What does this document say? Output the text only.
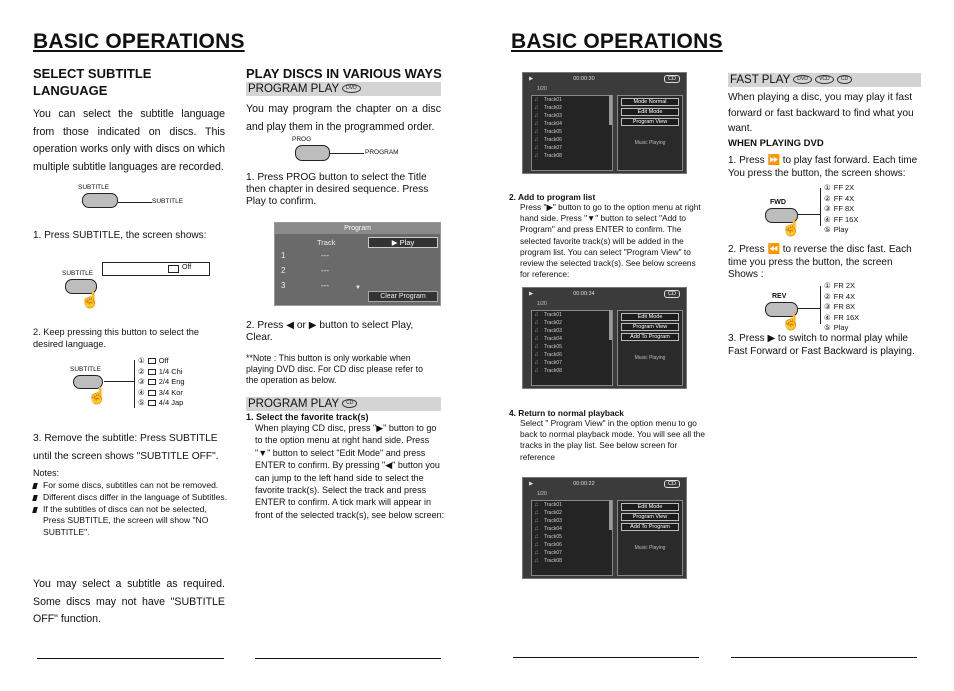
BASIC OPERATIONS
SELECT SUBTITLE
LANGUAGE
You can select the subtitle language from those indicated on discs. This operation works only with discs on which multiple subtitle languages are recorded.
SUBTITLE
SUBTITLE
1. Press SUBTITLE, the screen shows:
SUBTITLE
☝
Off
2. Keep pressing this button to select the desired language.
SUBTITLE
☝
① Off
② 1/4 Chi
③ 2/4 Eng
④ 3/4 Kor
⑤ 4/4 Jap
3. Remove the subtitle: Press SUBTITLE until the screen shows "SUBTITLE OFF".
Notes:
For some discs, subtitles can not be removed.
Different discs differ in the language of Subtitles.
If the subtitles of discs can not be selected, Press SUBTITLE, the screen will show "NO SUBTITLE".
You may select a subtitle as required. Some discs may not have "SUBTITLE OFF" function.
PLAY DISCS IN VARIOUS WAYS
PROGRAM PLAY DVD
You may program the chapter on a disc and play them in the programmed order.
PROG
PROGRAM
1. Press PROG button to select the Title then chapter in desired sequence. Press Play to confirm.
Program
Track	▶ Play
1	---
2	---
3	---	▼
Clear Program
2. Press ◀ or ▶ button to select Play, Clear.
**Note : This button is only workable when playing DVD disc. For CD disc please refer to the operation as below.
PROGRAM PLAY CD
1. Select the favorite track(s)
When playing CD disc, press "▶" button to go to the option menu at right hand side. Press "▼" button to select "Edit Mode" and press ENTER to confirm. By pressing "◀" button you can jump to the left hand side to select the favorite track(s). Select the track and press ENTER to confirm. A tick mark will appear in front of the selected track(s), see below screen:
BASIC OPERATIONS
▶	00:00:30	CD
1/20
♫ Track01
♫ Track02
♫ Track03
♫ Track04
♫ Track05
♫ Track06
♫ Track07
♫ Track08
Mode Normal
Edit Mode
Program View
Music Playing
2. Add to program list
Press "▶" button to go to the option menu at right hand side. Press "▼" button to select "Add to Program" and press ENTER to confirm. The selected favorite track(s) will be added in the program list. You can select "Program View" to review the selected track(s). See below screens for reference:
▶	00:00:34	CD
1/20
♫ Track01
♫ Track02
♫ Track03
♫ Track04
♫ Track05
♫ Track06
♫ Track07
♫ Track08
Edit Mode
Program View
Add To Program
Music Playing
4. Return to normal playback
Select " Program View" in the option menu to go back to normal playback mode. You will see all the tracks in the play list. See below screen for reference
▶	00:00:22	CD
1/20
♫ Track01
♫ Track02
♫ Track03
♫ Track04
♫ Track05
♫ Track06
♫ Track07
♫ Track08
Edit Mode
Program View
Add To Program
Music Playing
FAST PLAY DVD VCD CD
When playing a disc, you may play it fast forward or fast backward to find what you want.
WHEN PLAYING DVD
1. Press ⏩ to play fast forward. Each time You press the button, the screen shows:
FWD
☝
① FF 2X
② FF 4X
③ FF 8X
④ FF 16X
⑤ Play
2. Press ⏪ to reverse the disc fast. Each time you press the button, the screen Shows :
REV
☝
① FR 2X
② FR 4X
③ FR 8X
④ FR 16X
⑤ Play
3. Press ▶ to switch to normal play while Fast Forward or Fast Backward is playing.
